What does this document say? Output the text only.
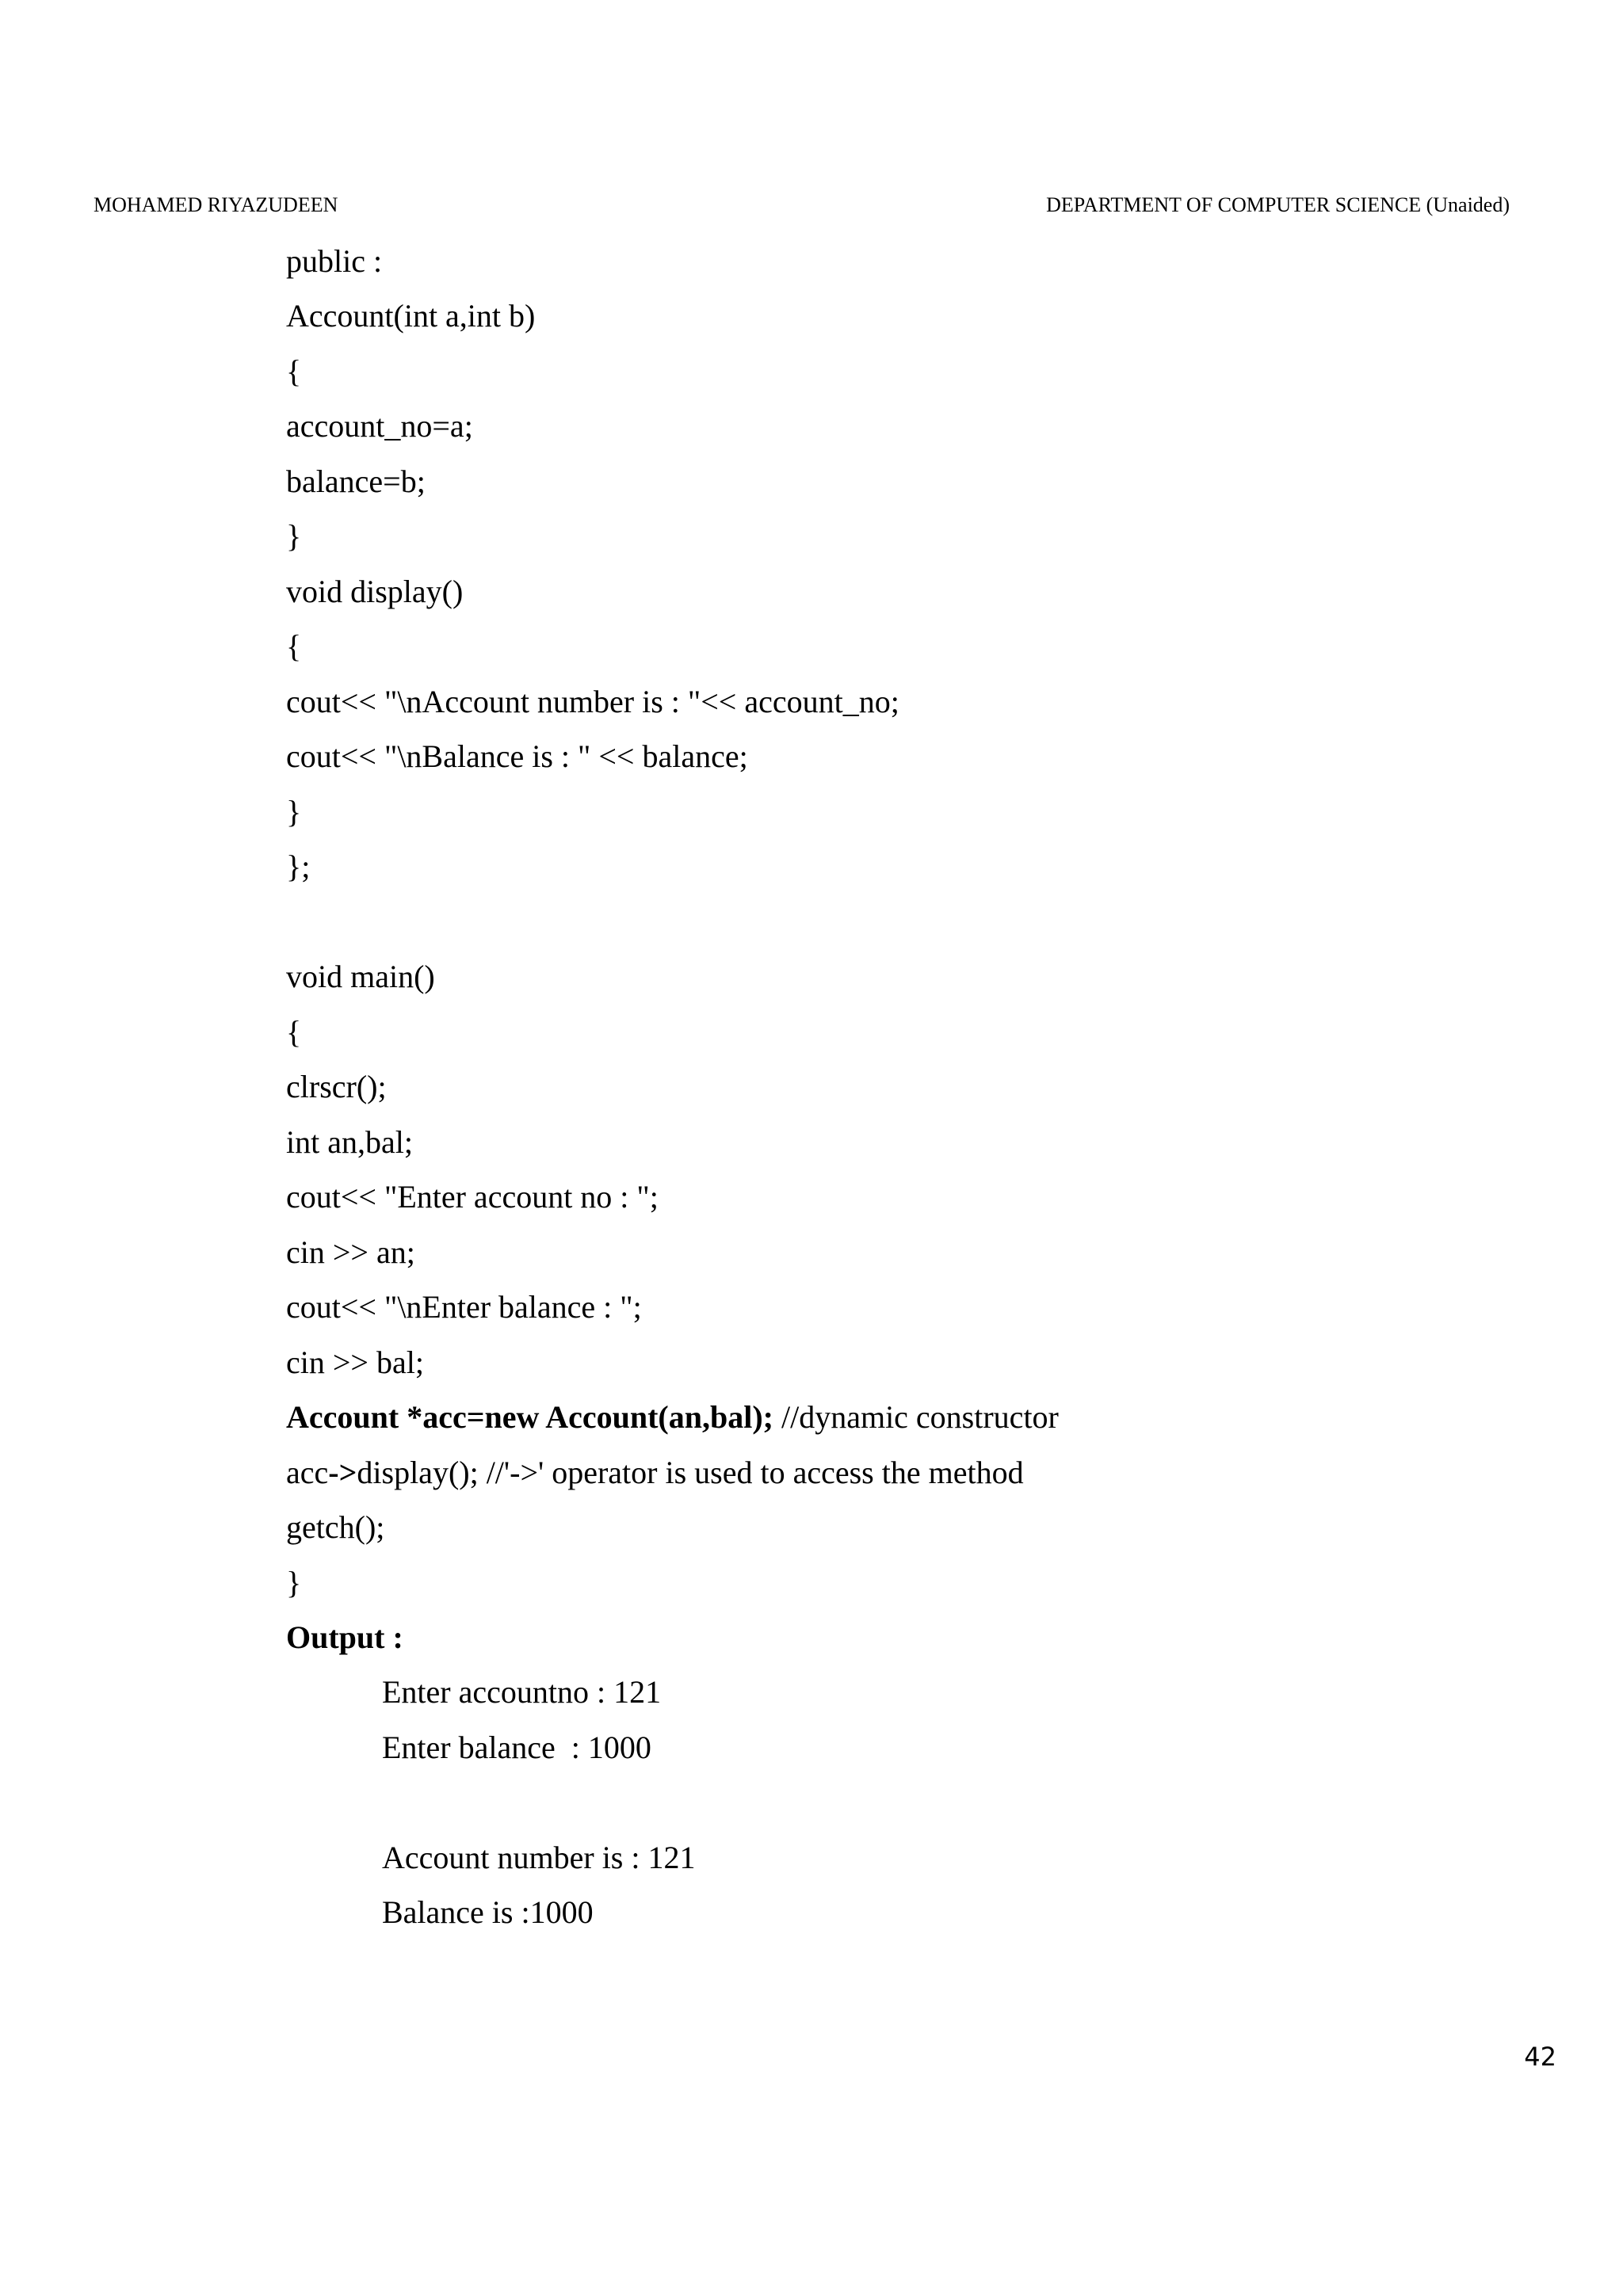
MOHAMED RIYAZUDEEN	DEPARTMENT OF COMPUTER SCIENCE (Unaided)
public :
Account(int a,int b)
{
account_no=a;
balance=b;
}
void display()
{
cout<< "\nAccount number is : "<< account_no;
cout<< "\nBalance is : " << balance;
}
};
void main()
{
clrscr();
int an,bal;
cout<< "Enter account no : ";
cin >> an;
cout<< "\nEnter balance : ";
cin >> bal;
Account *acc=new Account(an,bal); //dynamic constructor
acc->display(); //'->' operator is used to access the method
getch();
}
Output :
Enter accountno : 121
Enter balance  : 1000
Account number is : 121
Balance is :1000
42
